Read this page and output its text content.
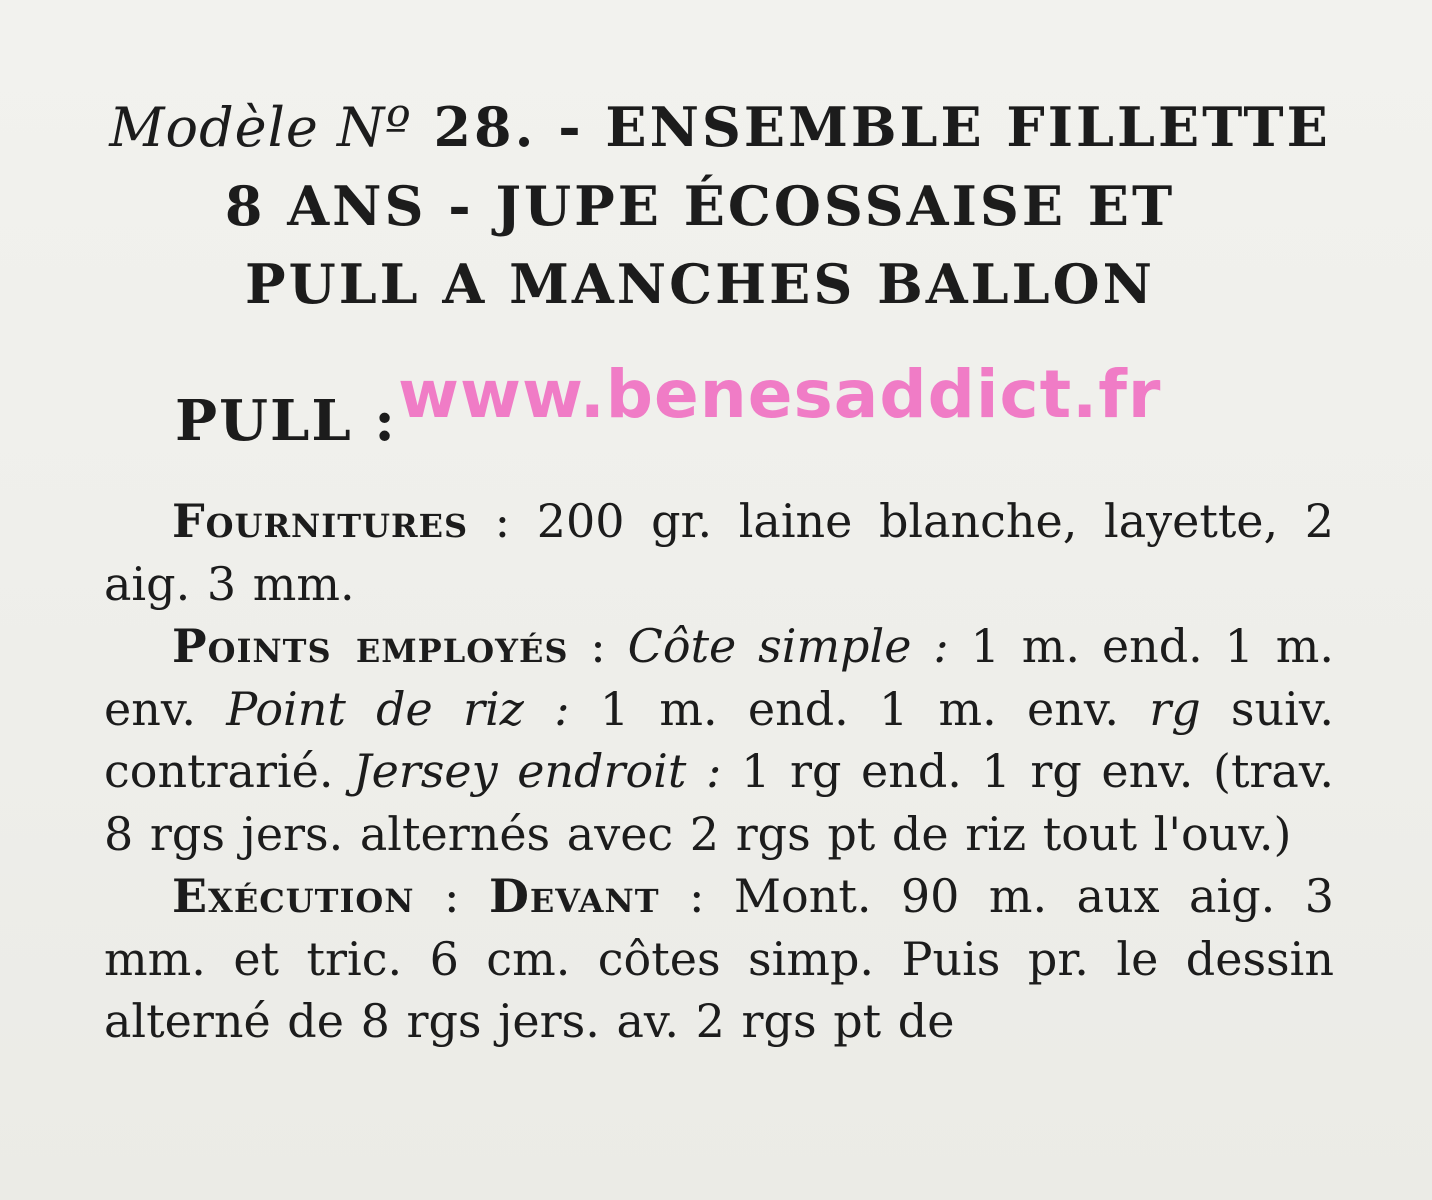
Modèle Nº 28. - ENSEMBLE FILLETTE
8 ANS - JUPE ÉCOSSAISE ET
PULL A MANCHES BALLON
PULL : www.benesaddict.fr

Fournitures : 200 gr. laine blanche, layette, 2 aig. 3 mm.

Points employés : Côte simple : 1 m. end. 1 m. env. Point de riz : 1 m. end. 1 m. env. rg suiv. contrarié. Jersey endroit : 1 rg end. 1 rg env. (trav. 8 rgs jers. alternés avec 2 rgs pt de riz tout l'ouv.)

Exécution : Devant : Mont. 90 m. aux aig. 3 mm. et tric. 6 cm. côtes simp. Puis pr. le dessin alterné de 8 rgs jers. av. 2 rgs pt de
